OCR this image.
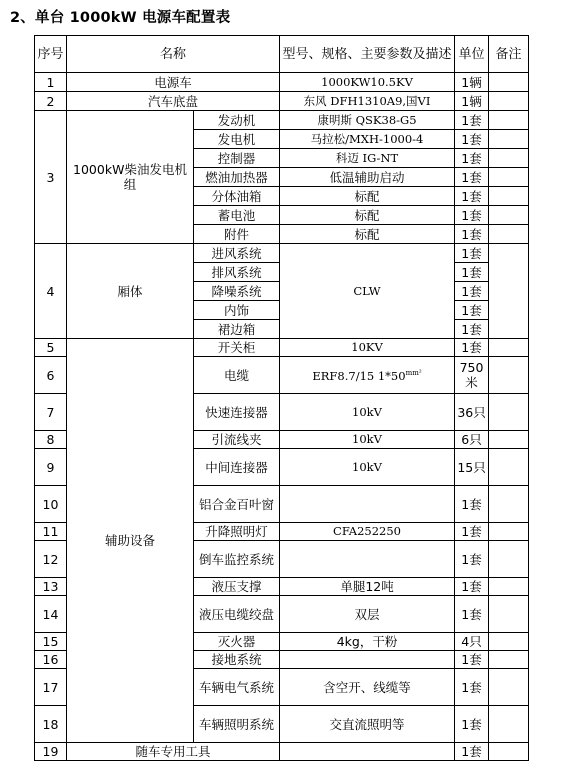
2、单台 1000kW 电源车配置表
序号	名称		型号、规格、主要参数及描述	单位	备注
1	电源车		1000KW10.5KV	1辆	
2	汽车底盘		东风 DFH1310A9,国VI	1辆	
3	1000kW柴油发电机组	发动机	康明斯 QSK38-G5	1套	
		发电机	马拉松/MXH-1000-4	1套	
		控制器	科迈 IG-NT	1套	
		燃油加热器	低温辅助启动	1套	
		分体油箱	标配	1套	
		蓄电池	标配	1套	
		附件	标配	1套	
4	厢体	进风系统	CLW	1套	
		排风系统		1套	
		降噪系统		1套	
		内饰		1套	
		裙边箱		1套	
5	辅助设备	开关柜	10KV	1套	
6		电缆	ERF8.7/15 $1*50^{mm^2}$	750米	
7		快速连接器	10kV	36只	
8		引流线夹	10kV	6只	
9		中间连接器	10kV	15只	
10		铝合金百叶窗		1套	
11		升降照明灯	CFA252250	1套	
12		倒车监控系统		1套	
13		液压支撑	单腿12吨	1套	
14		液压电缆绞盘	双层	1套	
15		灭火器	4kg，干粉	4只	
16		接地系统		1套	
17		车辆电气系统	含空开、线缆等	1套	
18		车辆照明系统	交直流照明等	1套	
19	随车专用工具			1套	
